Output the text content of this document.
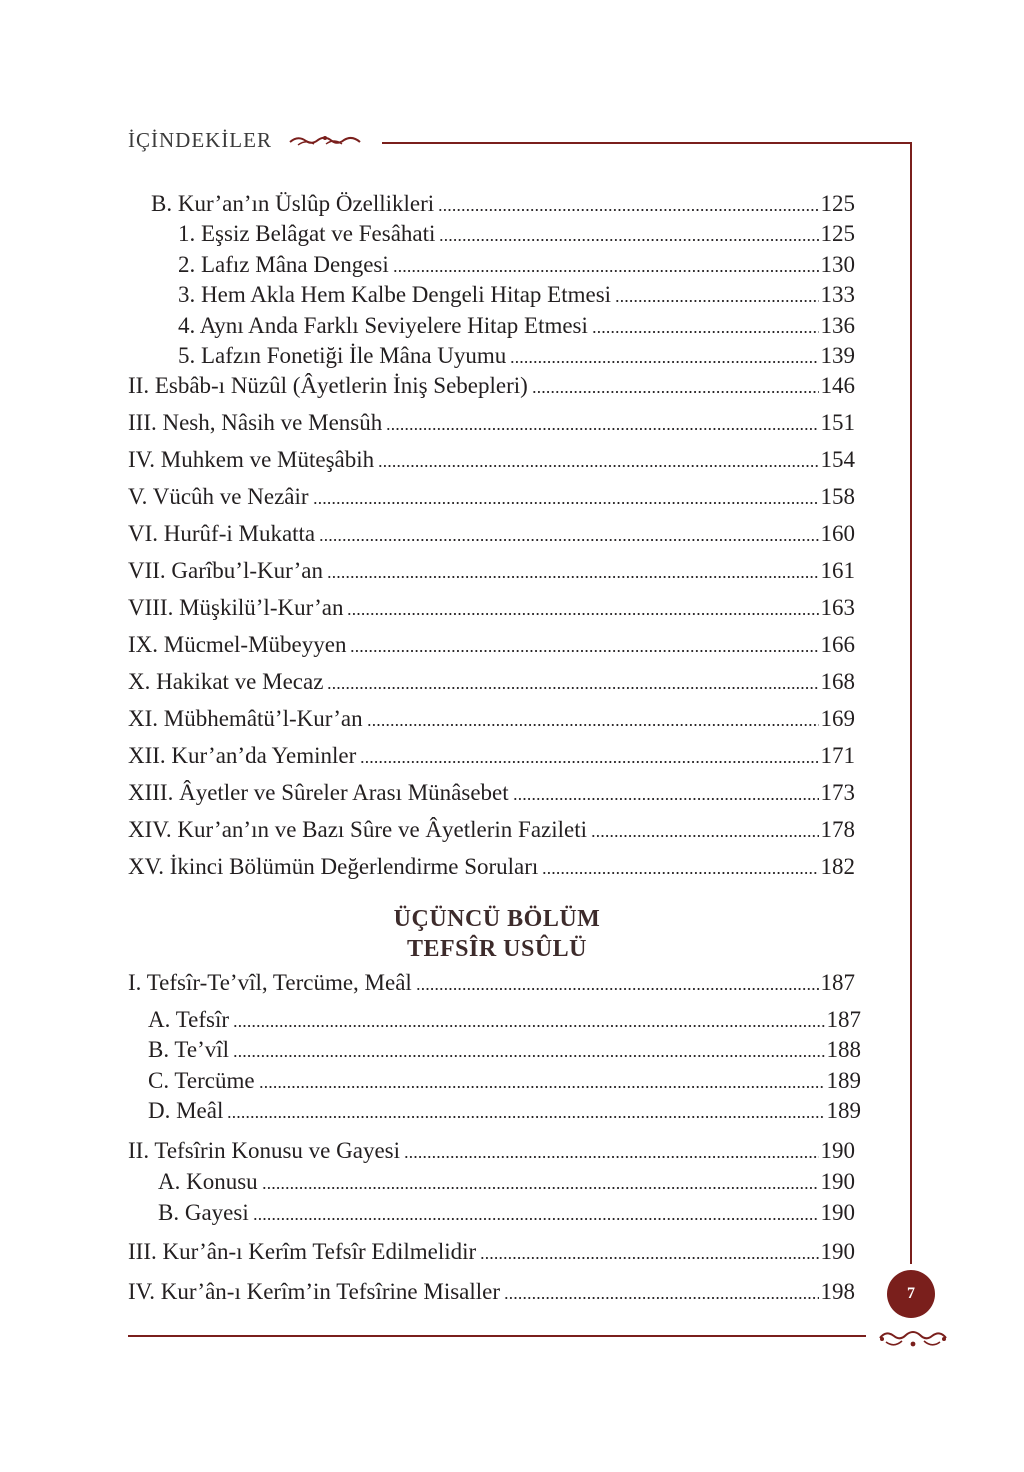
İÇİNDEKİLER
B. Kur’an’ın Üslûp Özellikleri	125
1. Eşsiz Belâgat ve Fesâhati	125
2. Lafız Mâna Dengesi	130
3. Hem Akla Hem Kalbe Dengeli Hitap Etmesi	133
4. Aynı Anda Farklı Seviyelere Hitap Etmesi	136
5. Lafzın Fonetiği İle Mâna Uyumu	139
II. Esbâb-ı Nüzûl (Âyetlerin İniş Sebepleri)	146
III. Nesh, Nâsih ve Mensûh	151
IV. Muhkem ve Müteşâbih	154
V. Vücûh ve Nezâir	158
VI. Hurûf-i Mukatta	160
VII. Garîbu’l-Kur’an	161
VIII. Müşkilü’l-Kur’an	163
IX. Mücmel-Mübeyyen	166
X. Hakikat ve Mecaz	168
XI. Mübhemâtü’l-Kur’an	169
XII. Kur’an’da Yeminler	171
XIII. Âyetler ve Sûreler Arası Münâsebet	173
XIV. Kur’an’ın ve Bazı Sûre ve Âyetlerin Fazileti	178
XV. İkinci Bölümün Değerlendirme Soruları	182
ÜÇÜNCÜ BÖLÜM
TEFSÎR USÛLÜ
I. Tefsîr-Te’vîl, Tercüme, Meâl	187
A. Tefsîr	187
B. Te’vîl	188
C. Tercüme	189
D. Meâl	189
II. Tefsîrin Konusu ve Gayesi	190
A. Konusu	190
B. Gayesi	190
III. Kur’ân-ı Kerîm Tefsîr Edilmelidir	190
IV. Kur’ân-ı Kerîm’in Tefsîrine Misaller	198	7
